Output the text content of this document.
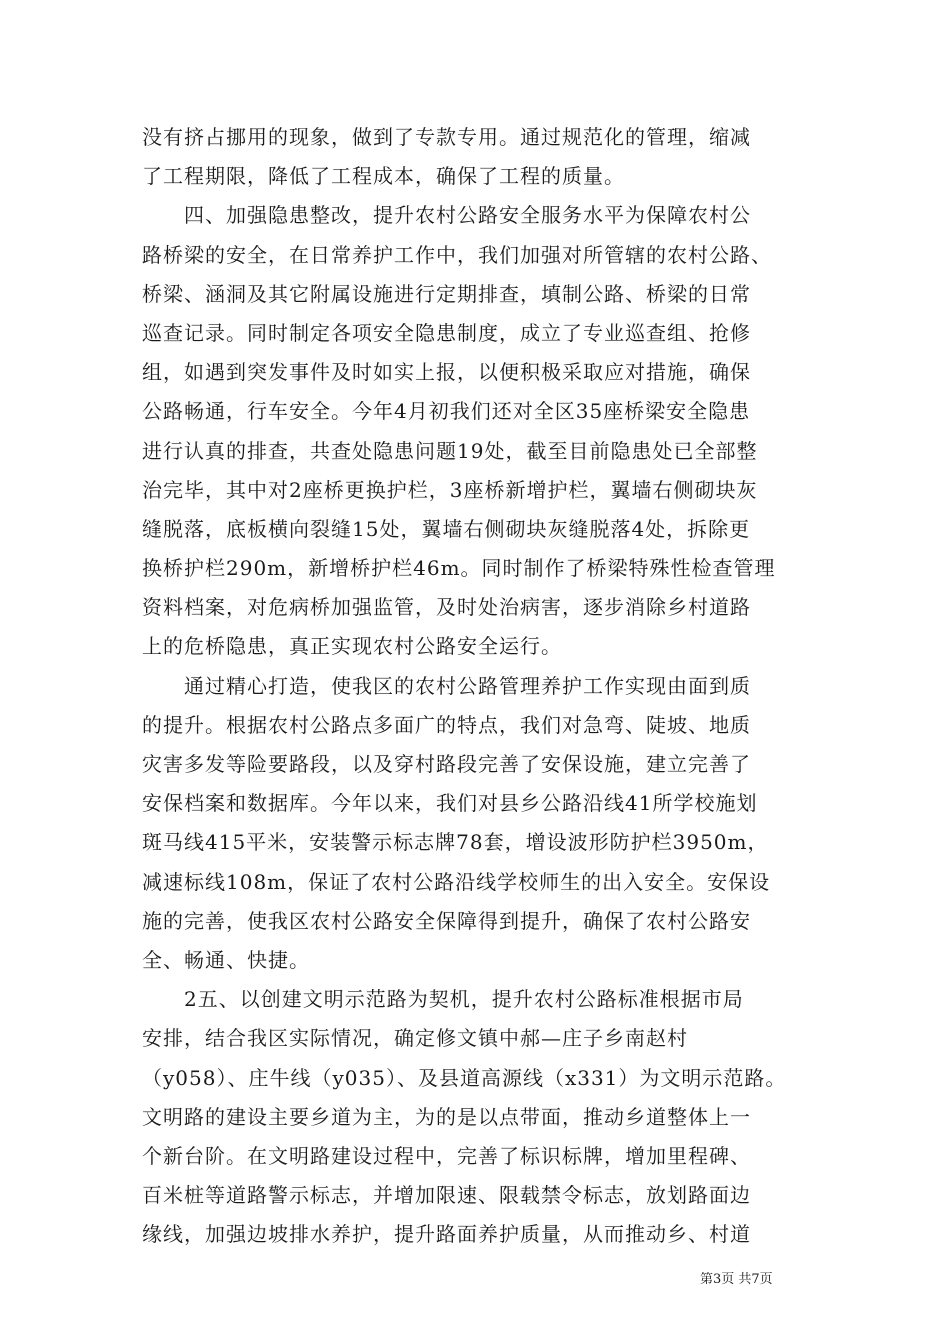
没有挤占挪用的现象，做到了专款专用。通过规范化的管理，缩减
了工程期限，降低了工程成本，确保了工程的质量。
四、加强隐患整改，提升农村公路安全服务水平为保障农村公
路桥梁的安全，在日常养护工作中，我们加强对所管辖的农村公路、
桥梁、涵洞及其它附属设施进行定期排查，填制公路、桥梁的日常
巡查记录。同时制定各项安全隐患制度，成立了专业巡查组、抢修
组，如遇到突发事件及时如实上报，以便积极采取应对措施，确保
公路畅通，行车安全。今年4月初我们还对全区35座桥梁安全隐患
进行认真的排查，共查处隐患问题19处，截至目前隐患处已全部整
治完毕，其中对2座桥更换护栏，3座桥新增护栏，翼墙右侧砌块灰
缝脱落，底板横向裂缝15处，翼墙右侧砌块灰缝脱落4处，拆除更
换桥护栏290m，新增桥护栏46m。同时制作了桥梁特殊性检查管理
资料档案，对危病桥加强监管，及时处治病害，逐步消除乡村道路
上的危桥隐患，真正实现农村公路安全运行。
通过精心打造，使我区的农村公路管理养护工作实现由面到质
的提升。根据农村公路点多面广的特点，我们对急弯、陡坡、地质
灾害多发等险要路段，以及穿村路段完善了安保设施，建立完善了
安保档案和数据库。今年以来，我们对县乡公路沿线41所学校施划
斑马线415平米，安装警示标志牌78套，增设波形防护栏3950m，
减速标线108m，保证了农村公路沿线学校师生的出入安全。安保设
施的完善，使我区农村公路安全保障得到提升，确保了农村公路安
全、畅通、快捷。
2五、以创建文明示范路为契机，提升农村公路标准根据市局
安排，结合我区实际情况，确定修文镇中郝—庄子乡南赵村
（y058）、庄牛线（y035）、及县道高源线（x331）为文明示范路。
文明路的建设主要乡道为主，为的是以点带面，推动乡道整体上一
个新台阶。在文明路建设过程中，完善了标识标牌，增加里程碑、
百米桩等道路警示标志，并增加限速、限载禁令标志，放划路面边
缘线，加强边坡排水养护，提升路面养护质量，从而推动乡、村道
第3页 共7页
